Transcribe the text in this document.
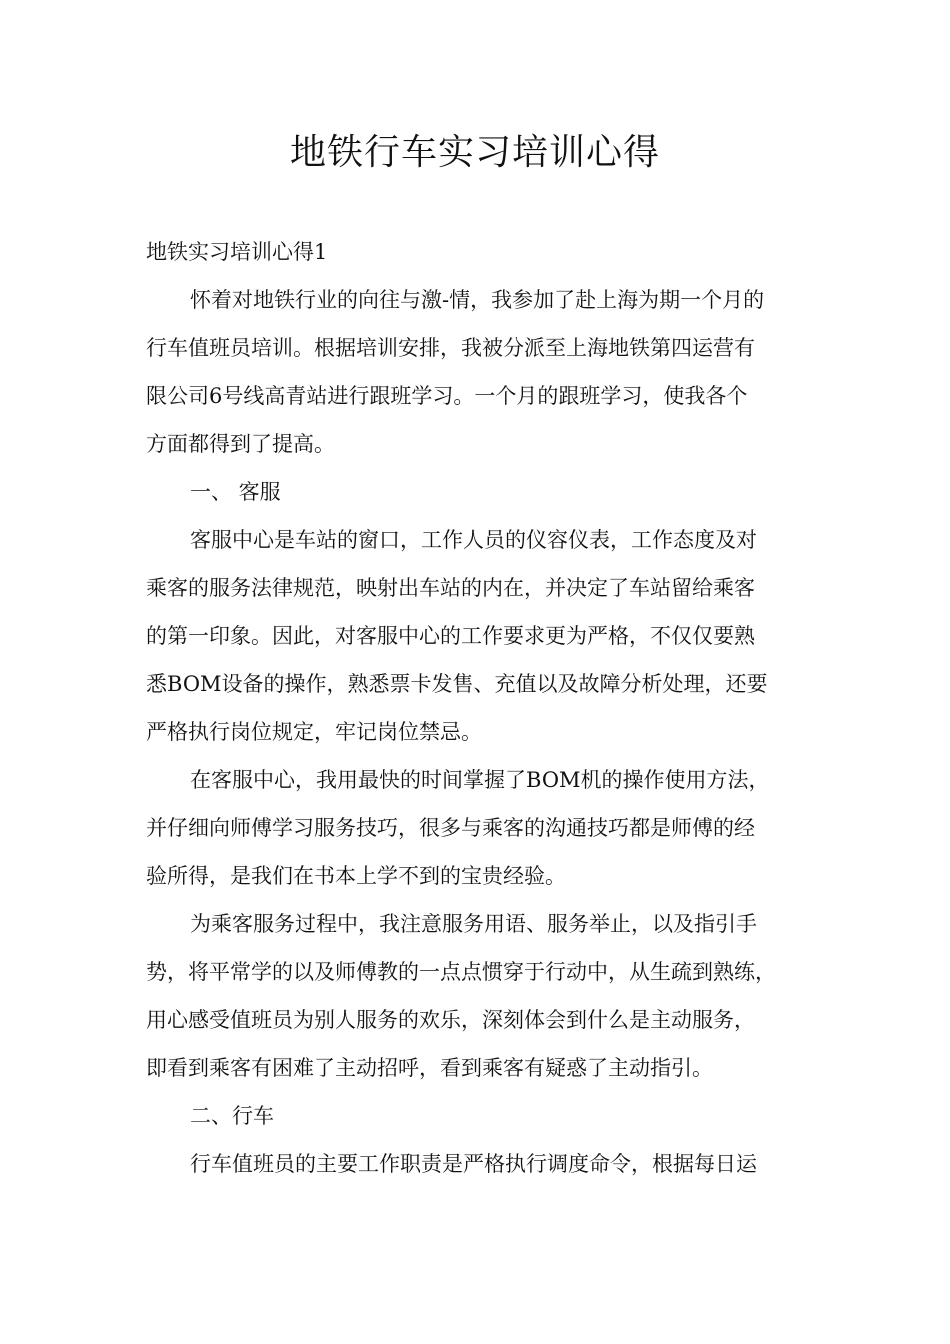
地铁行车实习培训心得
地铁实习培训心得1
怀着对地铁行业的向往与激-情，我参加了赴上海为期一个月的
行车值班员培训。根据培训安排，我被分派至上海地铁第四运营有
限公司6号线高青站进行跟班学习。一个月的跟班学习，使我各个
方面都得到了提高。
一、 客服
客服中心是车站的窗口，工作人员的仪容仪表，工作态度及对
乘客的服务法律规范，映射出车站的内在，并决定了车站留给乘客
的第一印象。因此，对客服中心的工作要求更为严格，不仅仅要熟
悉BOM设备的操作，熟悉票卡发售、充值以及故障分析处理，还要
严格执行岗位规定，牢记岗位禁忌。
在客服中心，我用最快的时间掌握了BOM机的操作使用方法，
并仔细向师傅学习服务技巧，很多与乘客的沟通技巧都是师傅的经
验所得，是我们在书本上学不到的宝贵经验。
为乘客服务过程中，我注意服务用语、服务举止，以及指引手
势，将平常学的以及师傅教的一点点惯穿于行动中，从生疏到熟练，
用心感受值班员为别人服务的欢乐，深刻体会到什么是主动服务，
即看到乘客有困难了主动招呼，看到乘客有疑惑了主动指引。
二、行车
行车值班员的主要工作职责是严格执行调度命令，根据每日运
